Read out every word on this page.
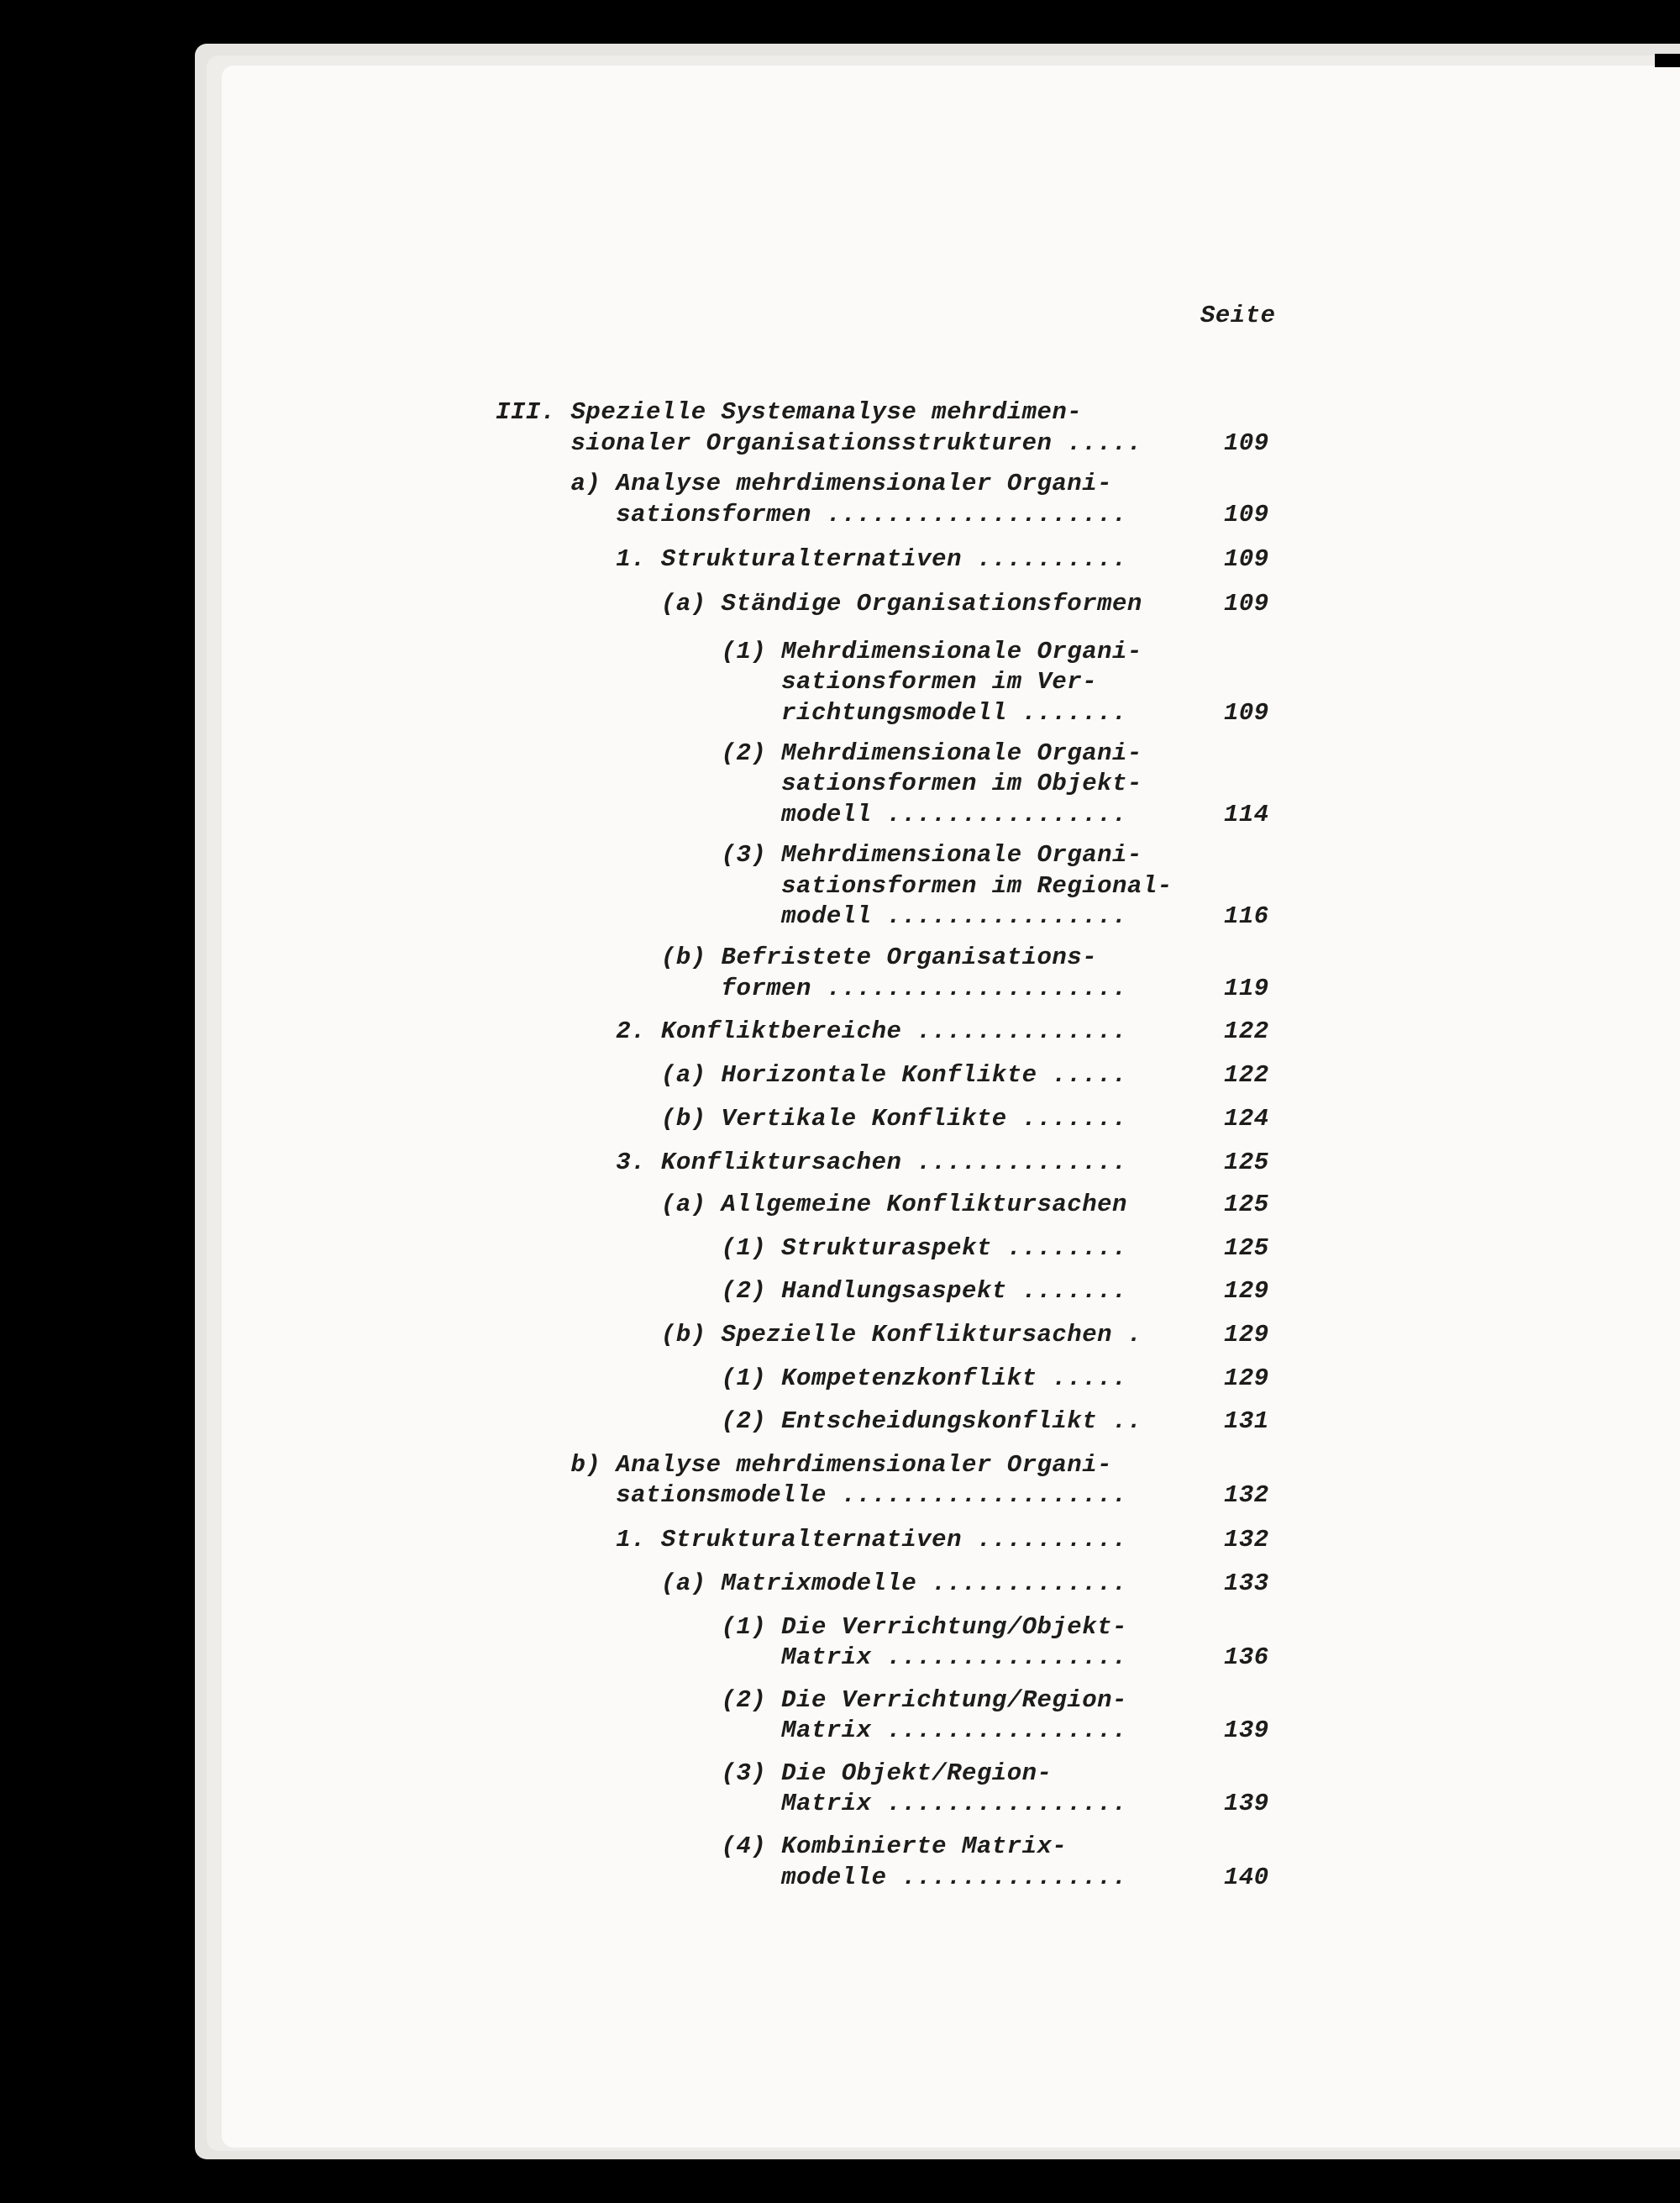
Seite
III. Spezielle Systemanalyse mehrdimen-
sionaler Organisationsstrukturen .....	109
a) Analyse mehrdimensionaler Organi-
sationsformen ....................	109
1. Strukturalternativen ..........	109
(a) Ständige Organisationsformen	109
(1) Mehrdimensionale Organi-
sationsformen im Ver-
richtungsmodell .......	109
(2) Mehrdimensionale Organi-
sationsformen im Objekt-
modell ................	114
(3) Mehrdimensionale Organi-
sationsformen im Regional-
modell ................	116
(b) Befristete Organisations-
formen ....................	119
2. Konfliktbereiche ..............	122
(a) Horizontale Konflikte .....	122
(b) Vertikale Konflikte .......	124
3. Konfliktursachen ..............	125
(a) Allgemeine Konfliktursachen	125
(1) Strukturaspekt ........	125
(2) Handlungsaspekt .......	129
(b) Spezielle Konfliktursachen .	129
(1) Kompetenzkonflikt .....	129
(2) Entscheidungskonflikt ..	131
b) Analyse mehrdimensionaler Organi-
sationsmodelle ...................	132
1. Strukturalternativen ..........	132
(a) Matrixmodelle .............	133
(1) Die Verrichtung/Objekt-
Matrix ................	136
(2) Die Verrichtung/Region-
Matrix ................	139
(3) Die Objekt/Region-
Matrix ................	139
(4) Kombinierte Matrix-
modelle ...............	140
